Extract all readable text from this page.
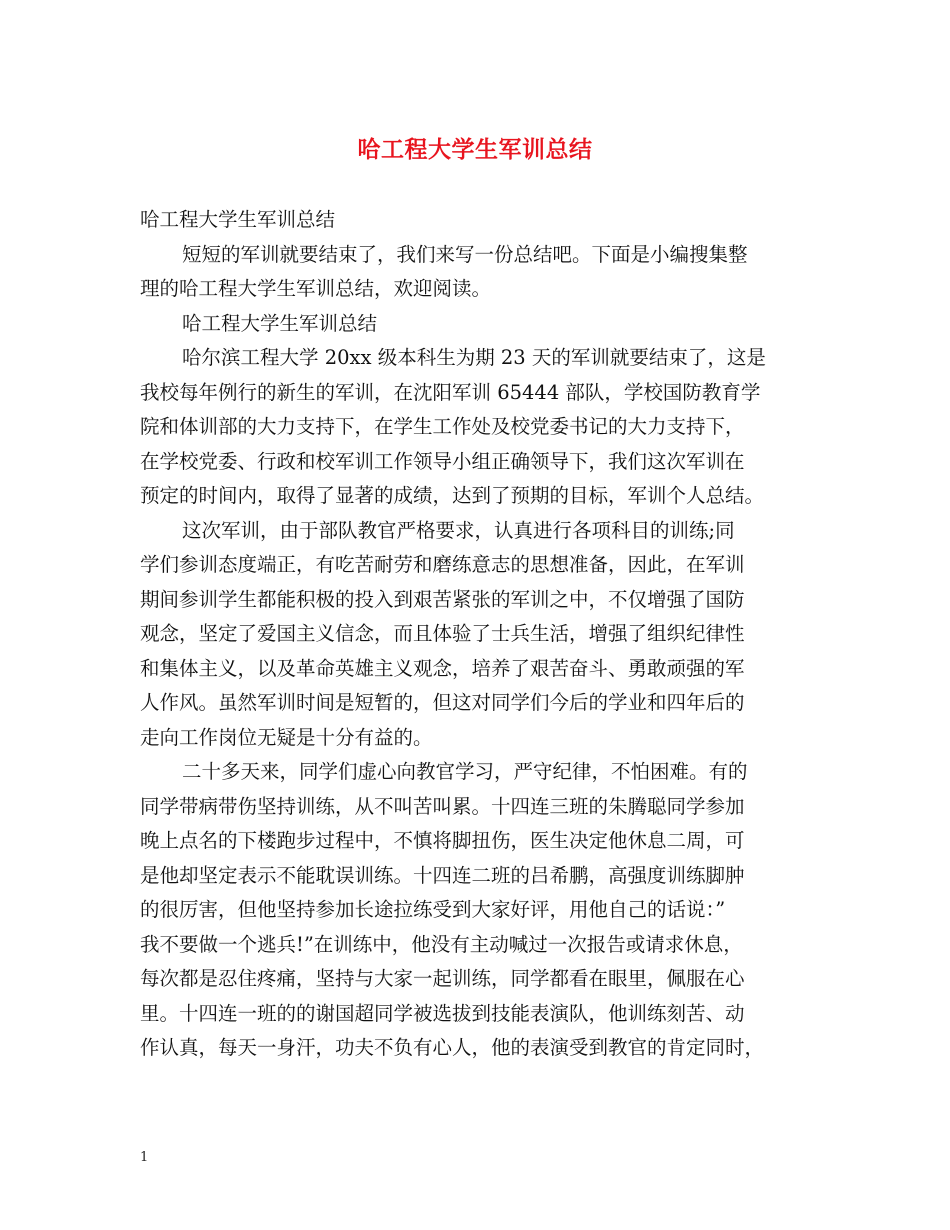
哈工程大学生军训总结
哈工程大学生军训总结
短短的军训就要结束了，我们来写一份总结吧。下面是小编搜集整
理的哈工程大学生军训总结，欢迎阅读。
哈工程大学生军训总结
哈尔滨工程大学 20xx 级本科生为期 23 天的军训就要结束了，这是
我校每年例行的新生的军训，在沈阳军训 65444 部队，学校国防教育学
院和体训部的大力支持下，在学生工作处及校党委书记的大力支持下，
在学校党委、行政和校军训工作领导小组正确领导下，我们这次军训在
预定的时间内，取得了显著的成绩，达到了预期的目标，军训个人总结。
这次军训，由于部队教官严格要求，认真进行各项科目的训练;同
学们参训态度端正，有吃苦耐劳和磨练意志的思想准备，因此，在军训
期间参训学生都能积极的投入到艰苦紧张的军训之中，不仅增强了国防
观念，坚定了爱国主义信念，而且体验了士兵生活，增强了组织纪律性
和集体主义，以及革命英雄主义观念，培养了艰苦奋斗、勇敢顽强的军
人作风。虽然军训时间是短暂的，但这对同学们今后的学业和四年后的
走向工作岗位无疑是十分有益的。
二十多天来，同学们虚心向教官学习，严守纪律，不怕困难。有的
同学带病带伤坚持训练，从不叫苦叫累。十四连三班的朱腾聪同学参加
晚上点名的下楼跑步过程中，不慎将脚扭伤，医生决定他休息二周，可
是他却坚定表示不能耽误训练。十四连二班的吕希鹏，高强度训练脚肿
的很厉害，但他坚持参加长途拉练受到大家好评，用他自己的话说：”
我不要做一个逃兵!”在训练中，他没有主动喊过一次报告或请求休息，
每次都是忍住疼痛，坚持与大家一起训练，同学都看在眼里，佩服在心
里。十四连一班的的谢国超同学被选拔到技能表演队，他训练刻苦、动
作认真，每天一身汗，功夫不负有心人，他的表演受到教官的肯定同时，
1
